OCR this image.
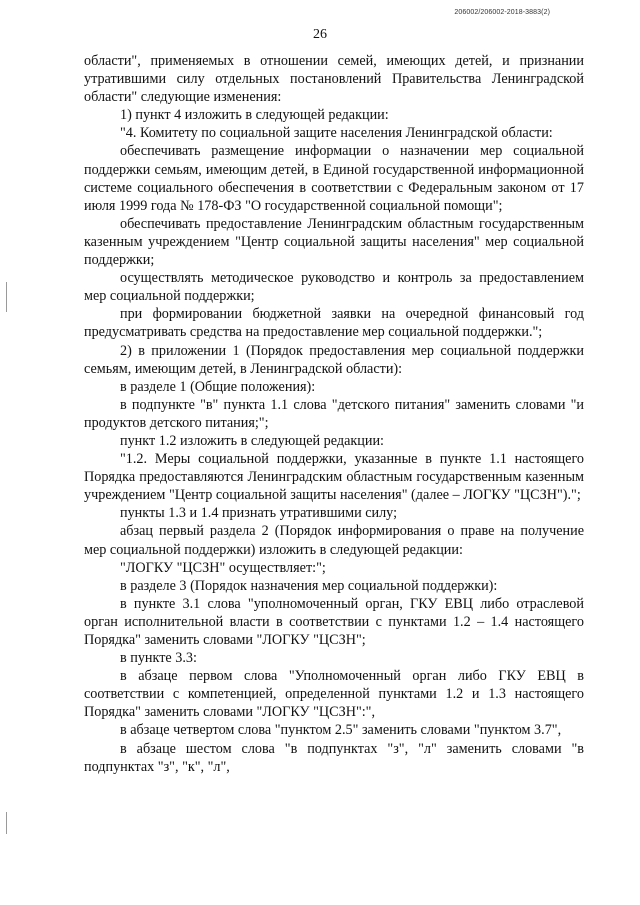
206002/206002-2018-3883(2)
26

области", применяемых в отношении семей, имеющих детей, и признании утратившими силу отдельных постановлений Правительства Ленинградской области" следующие изменения:

1) пункт 4 изложить в следующей редакции:

"4. Комитету по социальной защите населения Ленинградской области:

обеспечивать размещение информации о назначении мер социальной поддержки семьям, имеющим детей, в Единой государственной информационной системе социального обеспечения в соответствии с Федеральным законом от 17 июля 1999 года № 178-ФЗ "О государственной социальной помощи";

обеспечивать предоставление Ленинградским областным государственным казенным учреждением "Центр социальной защиты населения" мер социальной поддержки;

осуществлять методическое руководство и контроль за предоставлением мер социальной поддержки;

при формировании бюджетной заявки на очередной финансовый год предусматривать средства на предоставление мер социальной поддержки.";

2) в приложении 1 (Порядок предоставления мер социальной поддержки семьям, имеющим детей, в Ленинградской области):

в разделе 1 (Общие положения):

в подпункте "в" пункта 1.1 слова "детского питания" заменить словами "и продуктов детского питания;";

пункт 1.2 изложить в следующей редакции:

"1.2. Меры социальной поддержки, указанные в пункте 1.1 настоящего Порядка предоставляются Ленинградским областным государственным казенным учреждением "Центр социальной защиты населения" (далее – ЛОГКУ "ЦСЗН").";

пункты 1.3 и 1.4 признать утратившими силу;

абзац первый раздела 2 (Порядок информирования о праве на получение мер социальной поддержки) изложить в следующей редакции:

"ЛОГКУ "ЦСЗН" осуществляет:";

в разделе 3 (Порядок назначения мер социальной поддержки):

в пункте 3.1 слова "уполномоченный орган, ГКУ ЕВЦ либо отраслевой орган исполнительной власти в соответствии с пунктами 1.2 – 1.4 настоящего Порядка" заменить словами "ЛОГКУ "ЦСЗН";

в пункте 3.3:

в абзаце первом слова "Уполномоченный орган либо ГКУ ЕВЦ в соответствии с компетенцией, определенной пунктами 1.2 и 1.3 настоящего Порядка" заменить словами "ЛОГКУ "ЦСЗН":",

в абзаце четвертом слова "пунктом 2.5" заменить словами "пунктом 3.7",

в абзаце шестом слова "в подпунктах "з", "л" заменить словами "в подпунктах "з", "к", "л",
